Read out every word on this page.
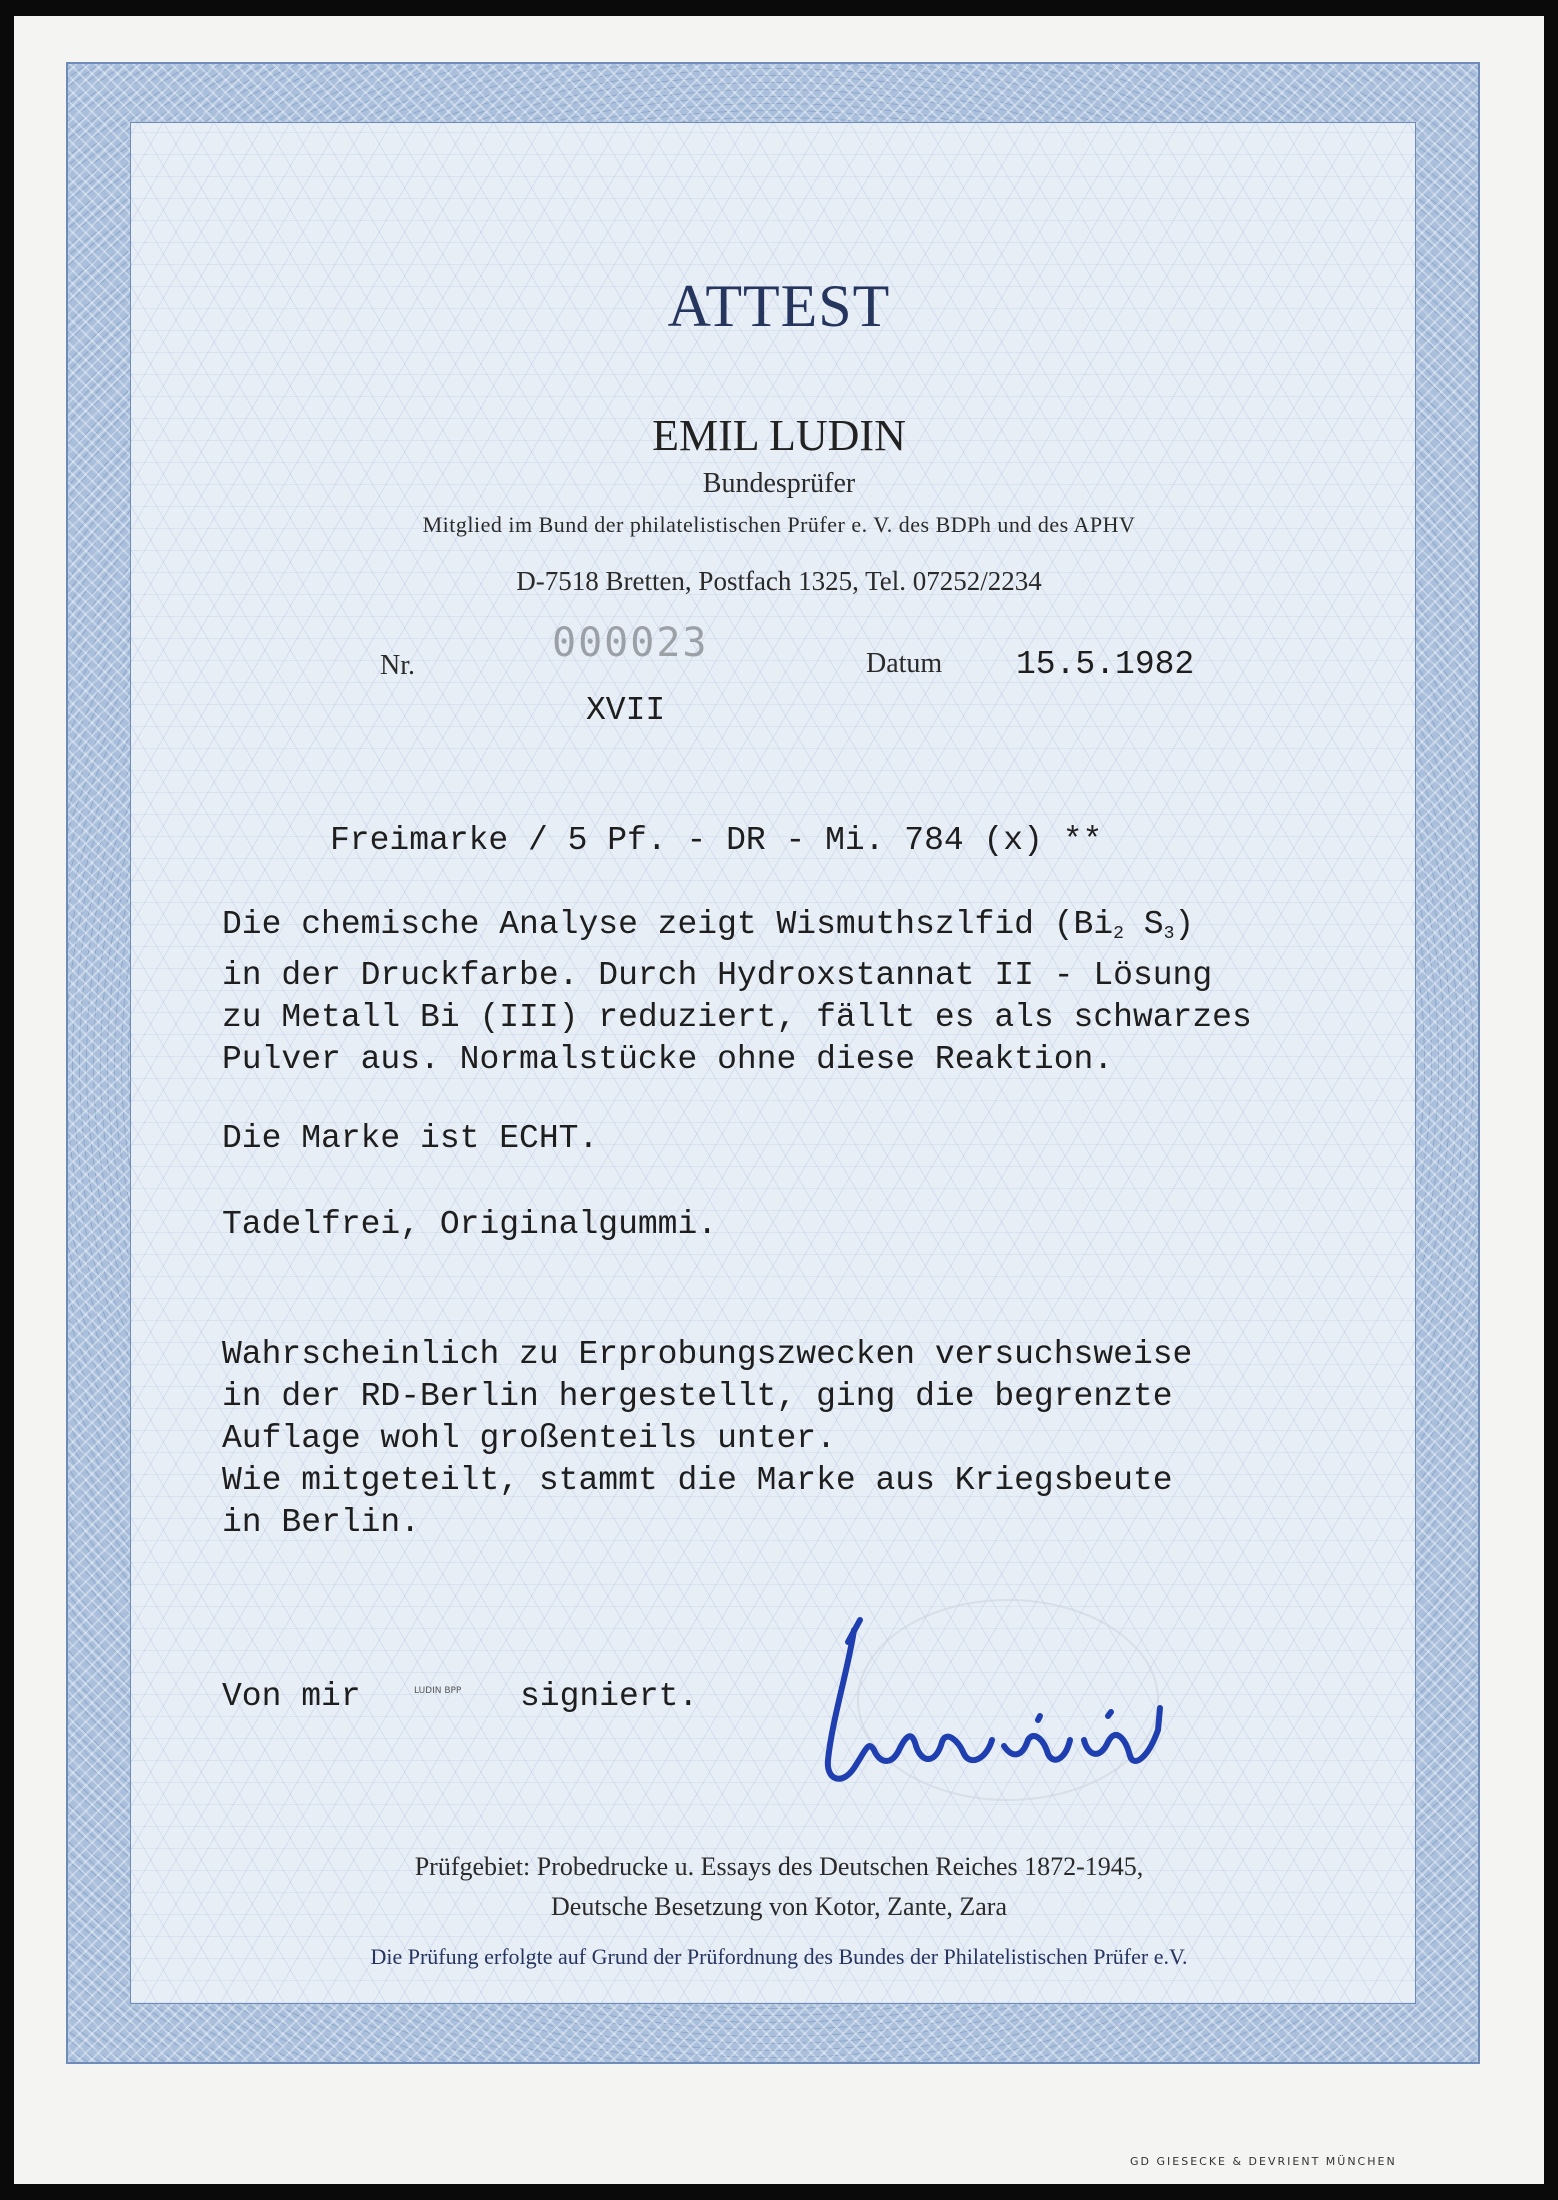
ATTEST
EMIL LUDIN
Bundesprüfer
Mitglied im Bund der philatelistischen Prüfer e. V. des BDPh und des APHV
D-7518 Bretten, Postfach 1325, Tel. 07252/2234
Nr.	000023	Datum 15.5.1982
XVII
Freimarke / 5 Pf. - DR - Mi. 784 (x) **
Die chemische Analyse zeigt Wismuthszlfid ($Bi_2$ $S_3$)
in der Druckfarbe. Durch Hydroxstannat II - Lösung
zu Metall Bi (III) reduziert, fällt es als schwarzes
Pulver aus. Normalstücke ohne diese Reaktion.
Die Marke ist ECHT.
Tadelfrei, Originalgummi.
Wahrscheinlich zu Erprobungszwecken versuchsweise
in der RD-Berlin hergestellt, ging die begrenzte
Auflage wohl großenteils unter.
Wie mitgeteilt, stammt die Marke aus Kriegsbeute
in Berlin.
Von mir	LUDIN BPP signiert.
Prüfgebiet: Probedrucke u. Essays des Deutschen Reiches 1872-1945,
Deutsche Besetzung von Kotor, Zante, Zara
Die Prüfung erfolgte auf Grund der Prüfordnung des Bundes der Philatelistischen Prüfer e.V.
GD GIESECKE & DEVRIENT MÜNCHEN
